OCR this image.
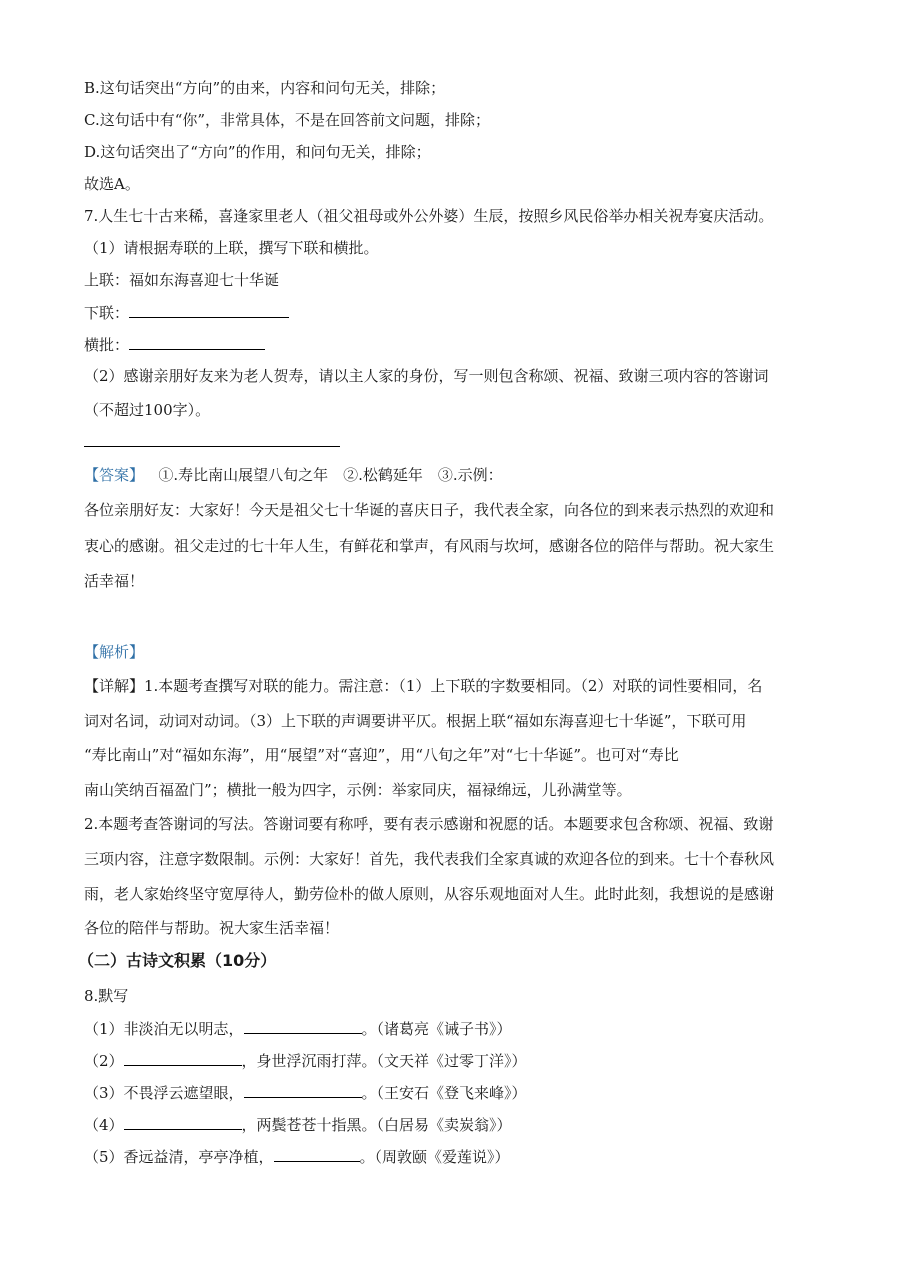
B.这句话突出“方向”的由来，内容和问句无关，排除；
C.这句话中有“你”，非常具体，不是在回答前文问题，排除；
D.这句话突出了“方向”的作用，和问句无关，排除；
故选A。
7.人生七十古来稀，喜逢家里老人（祖父祖母或外公外婆）生辰，按照乡风民俗举办相关祝寿宴庆活动。
（1）请根据寿联的上联，撰写下联和横批。
上联：福如东海喜迎七十华诞
下联：
横批：
（2）感谢亲朋好友来为老人贺寿，请以主人家的身份，写一则包含称颂、祝福、致谢三项内容的答谢词
（不超过100字）。
【答案】 ①.寿比南山展望八旬之年　②.松鹤延年　③.示例：
各位亲朋好友：大家好！今天是祖父七十华诞的喜庆日子，我代表全家，向各位的到来表示热烈的欢迎和
衷心的感谢。祖父走过的七十年人生，有鲜花和掌声，有风雨与坎坷，感谢各位的陪伴与帮助。祝大家生
活幸福！
【解析】
【详解】1.本题考查撰写对联的能力。需注意：（1）上下联的字数要相同。（2）对联的词性要相同，名
词对名词，动词对动词。（3）上下联的声调要讲平仄。根据上联“福如东海喜迎七十华诞”，下联可用
“寿比南山”对“福如东海”，用“展望”对“喜迎”，用“八旬之年”对“七十华诞”。也可对“寿比
南山笑纳百福盈门”；横批一般为四字，示例：举家同庆，福禄绵远，儿孙满堂等。
2.本题考查答谢词的写法。答谢词要有称呼，要有表示感谢和祝愿的话。本题要求包含称颂、祝福、致谢
三项内容，注意字数限制。示例：大家好！首先，我代表我们全家真诚的欢迎各位的到来。七十个春秋风
雨，老人家始终坚守宽厚待人，勤劳俭朴的做人原则，从容乐观地面对人生。此时此刻，我想说的是感谢
各位的陪伴与帮助。祝大家生活幸福！
（二）古诗文积累（10分）
8.默写
（1）非淡泊无以明志，	。（诸葛亮《诫子书》）
（2）	，身世浮沉雨打萍。（文天祥《过零丁洋》）
（3）不畏浮云遮望眼，	。（王安石《登飞来峰》）
（4）	，两鬓苍苍十指黑。（白居易《卖炭翁》）
（5）香远益清，亭亭净植，	。（周敦颐《爱莲说》）
